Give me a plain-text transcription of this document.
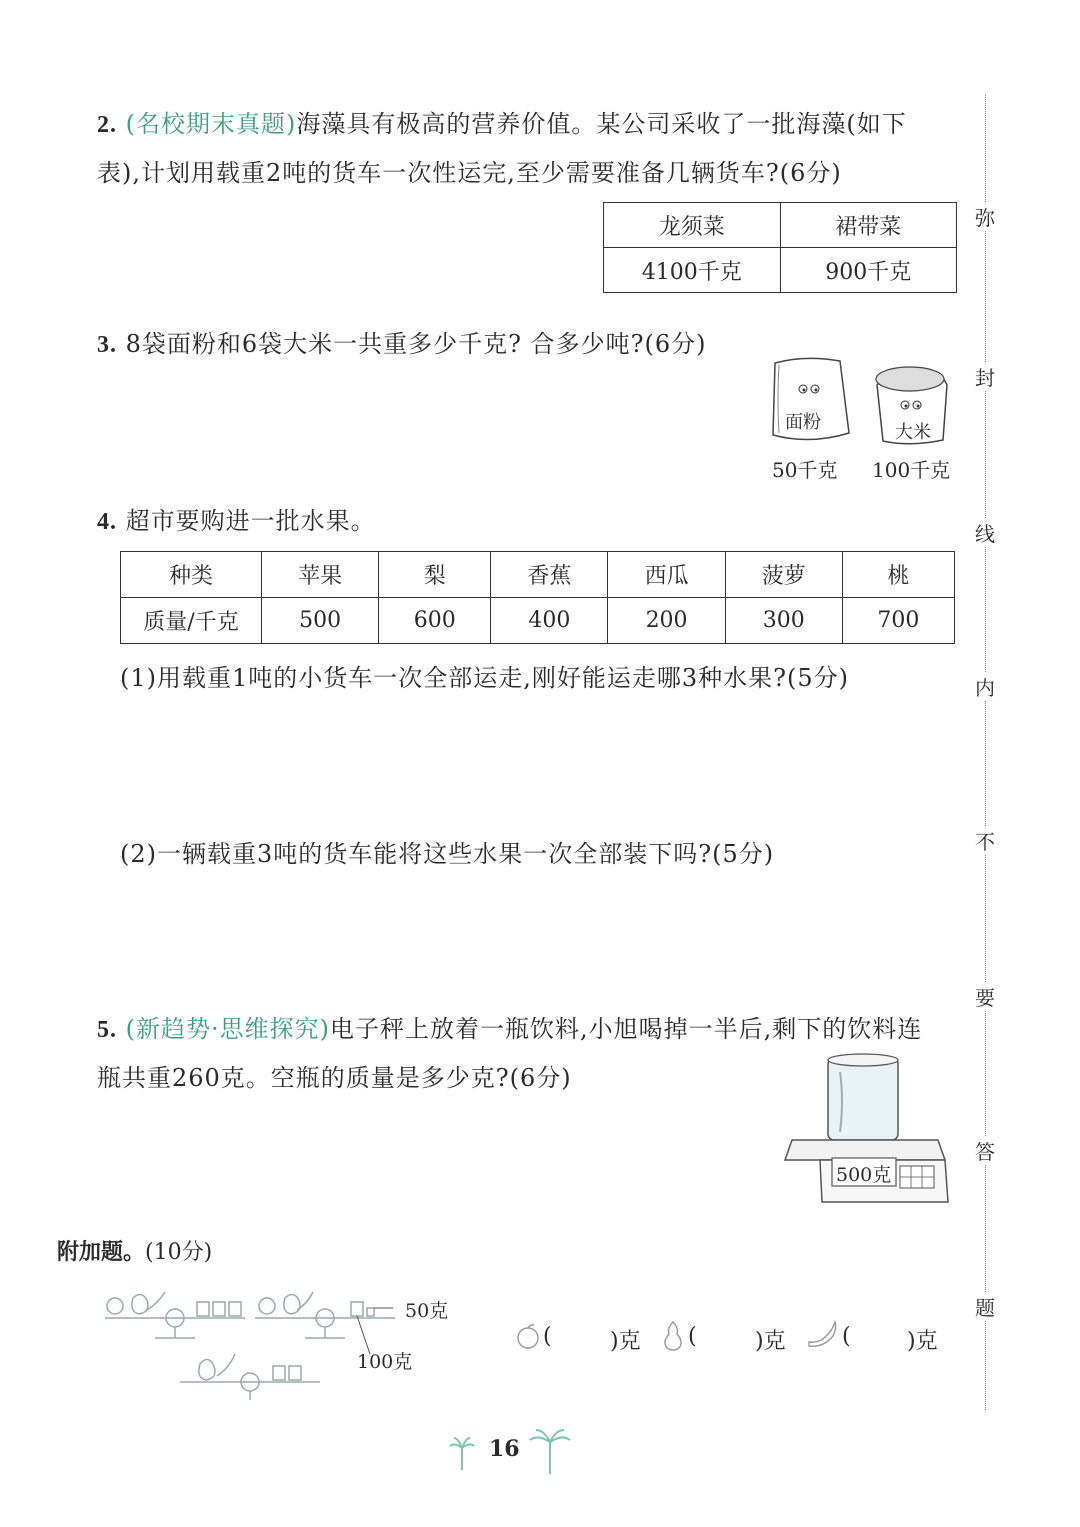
2. (名校期末真题)海藻具有极高的营养价值。某公司采收了一批海藻(如下
表),计划用载重2吨的货车一次性运完,至少需要准备几辆货车?(6分)
龙须菜	裙带菜
4100千克	900千克
3. 8袋面粉和6袋大米一共重多少千克? 合多少吨?(6分)
面粉	大米
50千克 100千克
4. 超市要购进一批水果。
种类	苹果	梨	香蕉	西瓜	菠萝	桃
质量/千克	500	600	400	200	300	700
(1)用载重1吨的小货车一次全部运走,刚好能运走哪3种水果?(5分)
(2)一辆载重3吨的货车能将这些水果一次全部装下吗?(5分)
5. (新趋势·思维探究)电子秤上放着一瓶饮料,小旭喝掉一半后,剩下的饮料连
瓶共重260克。空瓶的质量是多少克?(6分)
500克
附加题。(10分)
50克
100克
(	)克 (	)克	(	)克
弥
封
线
内
不
要
答
题
16
